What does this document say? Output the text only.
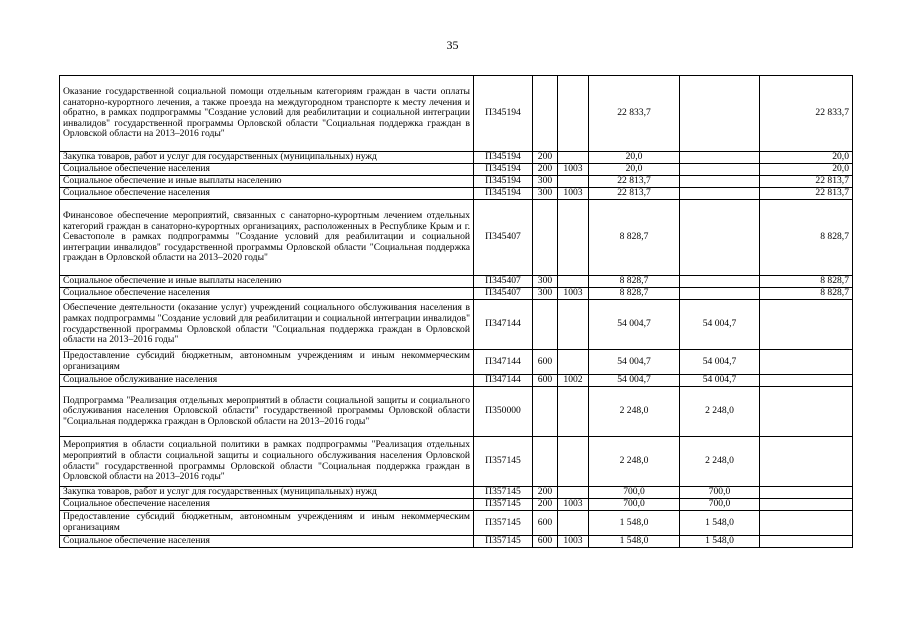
35
Оказание государственной социальной помощи отдельным категориям граждан в части оплаты санаторно-курортного лечения, а также проезда на междугородном транспорте к месту лечения и обратно, в рамках подпрограммы "Создание условий для реабилитации и социальной интеграции инвалидов" государственной программы Орловской области "Социальная поддержка граждан в Орловской области на 2013–2016 годы"	П345194			22 833,7		22 833,7
Закупка товаров, работ и услуг для государственных (муниципальных) нужд	П345194	200		20,0		20,0
Социальное обеспечение населения	П345194	200	1003	20,0		20,0
Социальное обеспечение и иные выплаты населению	П345194	300		22 813,7		22 813,7
Социальное обеспечение населения	П345194	300	1003	22 813,7		22 813,7
Финансовое обеспечение мероприятий, связанных с санаторно-курортным лечением отдельных категорий граждан в санаторно-курортных организациях, расположенных в Республике Крым и г. Севастополе в рамках подпрограммы "Создание условий для реабилитации и социальной интеграции инвалидов" государственной программы Орловской области "Социальная поддержка граждан в Орловской области на 2013–2020 годы"	П345407			8 828,7		8 828,7
Социальное обеспечение и иные выплаты населению	П345407	300		8 828,7		8 828,7
Социальное обеспечение населения	П345407	300	1003	8 828,7		8 828,7
Обеспечение деятельности (оказание услуг) учреждений социального обслуживания населения в рамках подпрограммы "Создание условий для реабилитации и социальной интеграции инвалидов" государственной программы Орловской области "Социальная поддержка граждан в Орловской области на 2013–2016 годы"	П347144			54 004,7	54 004,7	
Предоставление субсидий бюджетным, автономным учреждениям и иным некоммерческим организациям	П347144	600		54 004,7	54 004,7	
Социальное обслуживание населения	П347144	600	1002	54 004,7	54 004,7	
Подпрограмма "Реализация отдельных мероприятий в области социальной защиты и социального обслуживания населения Орловской области" государственной программы Орловской области "Социальная поддержка граждан в Орловской области на 2013–2016 годы"	П350000			2 248,0	2 248,0	
Мероприятия в области социальной политики в рамках подпрограммы "Реализация отдельных мероприятий в области социальной защиты и социального обслуживания населения Орловской области" государственной программы Орловской области "Социальная поддержка граждан в Орловской области на 2013–2016 годы"	П357145			2 248,0	2 248,0	
Закупка товаров, работ и услуг для государственных (муниципальных) нужд	П357145	200		700,0	700,0	
Социальное обеспечение населения	П357145	200	1003	700,0	700,0	
Предоставление субсидий бюджетным, автономным учреждениям и иным некоммерческим организациям	П357145	600		1 548,0	1 548,0	
Социальное обеспечение населения	П357145	600	1003	1 548,0	1 548,0	
